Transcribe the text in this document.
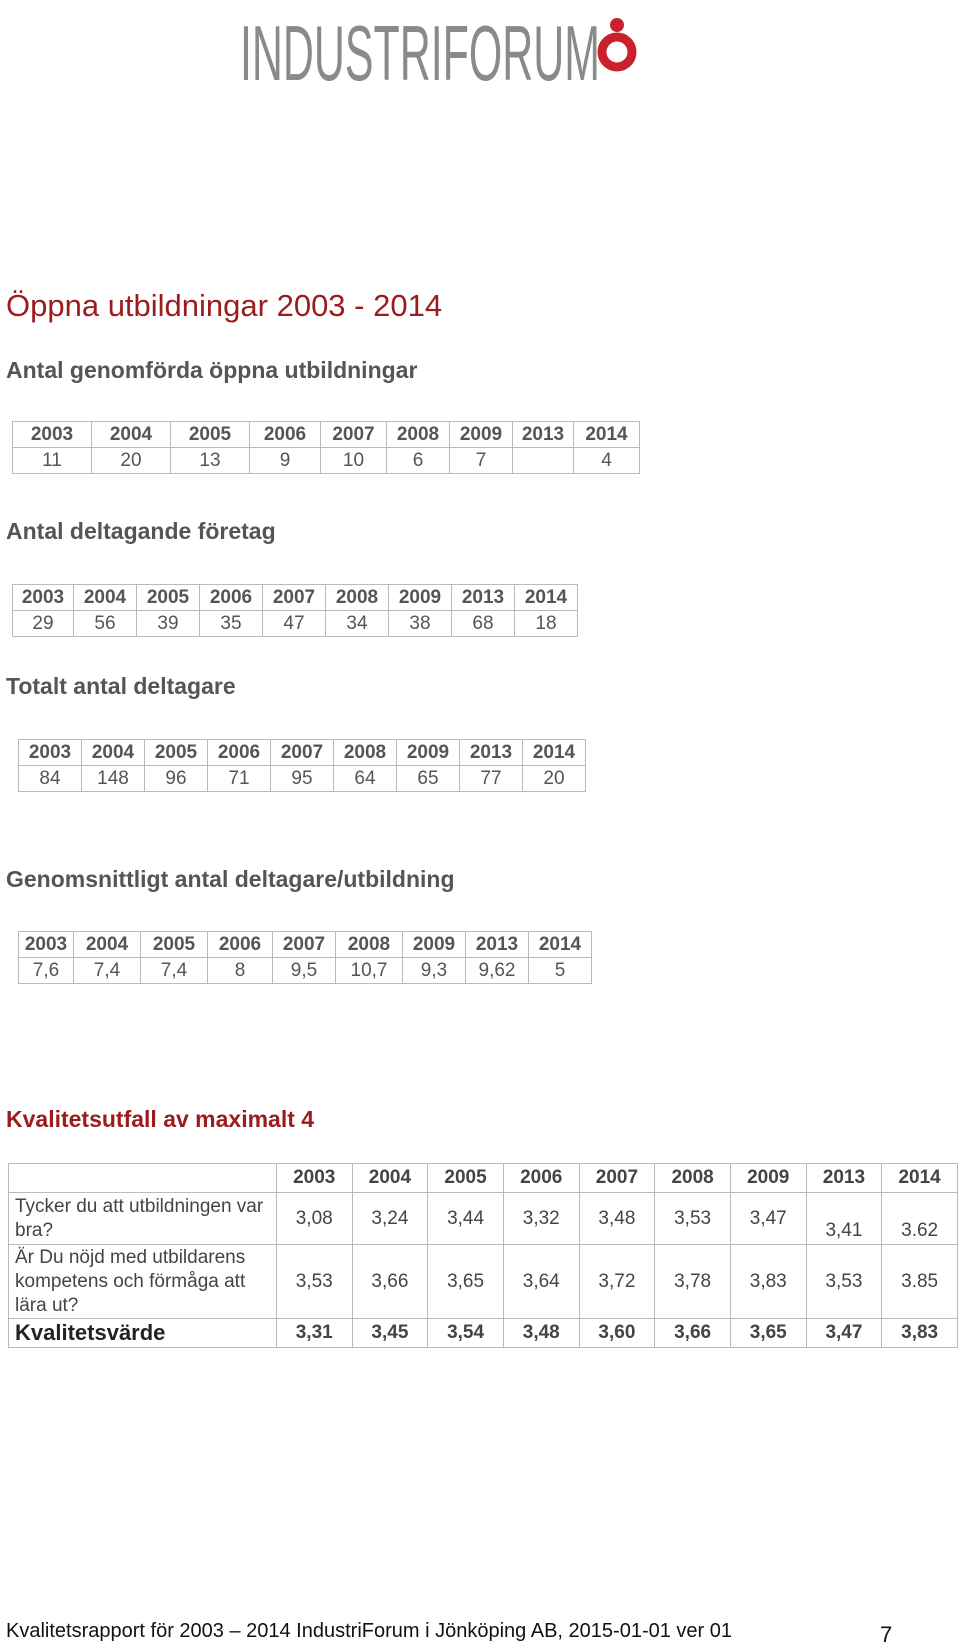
INDUSTRIFORUM
Öppna utbildningar 2003 - 2014
Antal genomförda öppna utbildningar
2003	2004	2005	2006	2007	2008	2009	2013	2014
11	20	13	9	10	6	7		4
Antal deltagande företag
2003	2004	2005	2006	2007	2008	2009	2013	2014
29	56	39	35	47	34	38	68	18
Totalt antal deltagare
2003	2004	2005	2006	2007	2008	2009	2013	2014
84	148	96	71	95	64	65	77	20
Genomsnittligt antal deltagare/utbildning
2003	2004	2005	2006	2007	2008	2009	2013	2014
7,6	7,4	7,4	8	9,5	10,7	9,3	9,62	5
Kvalitetsutfall av maximalt 4
	2003	2004	2005	2006	2007	2008	2009	2013	2014
Tycker du att utbildningen var bra?	3,08	3,24	3,44	3,32	3,48	3,53	3,47	3,41	3.62
Är Du nöjd med utbildarens kompetens och förmåga att lära ut?	3,53	3,66	3,65	3,64	3,72	3,78	3,83	3,53	3.85
Kvalitetsvärde	3,31	3,45	3,54	3,48	3,60	3,66	3,65	3,47	3,83
Kvalitetsrapport för 2003 – 2014 IndustriForum i Jönköping AB, 2015-01-01 ver 01	7
